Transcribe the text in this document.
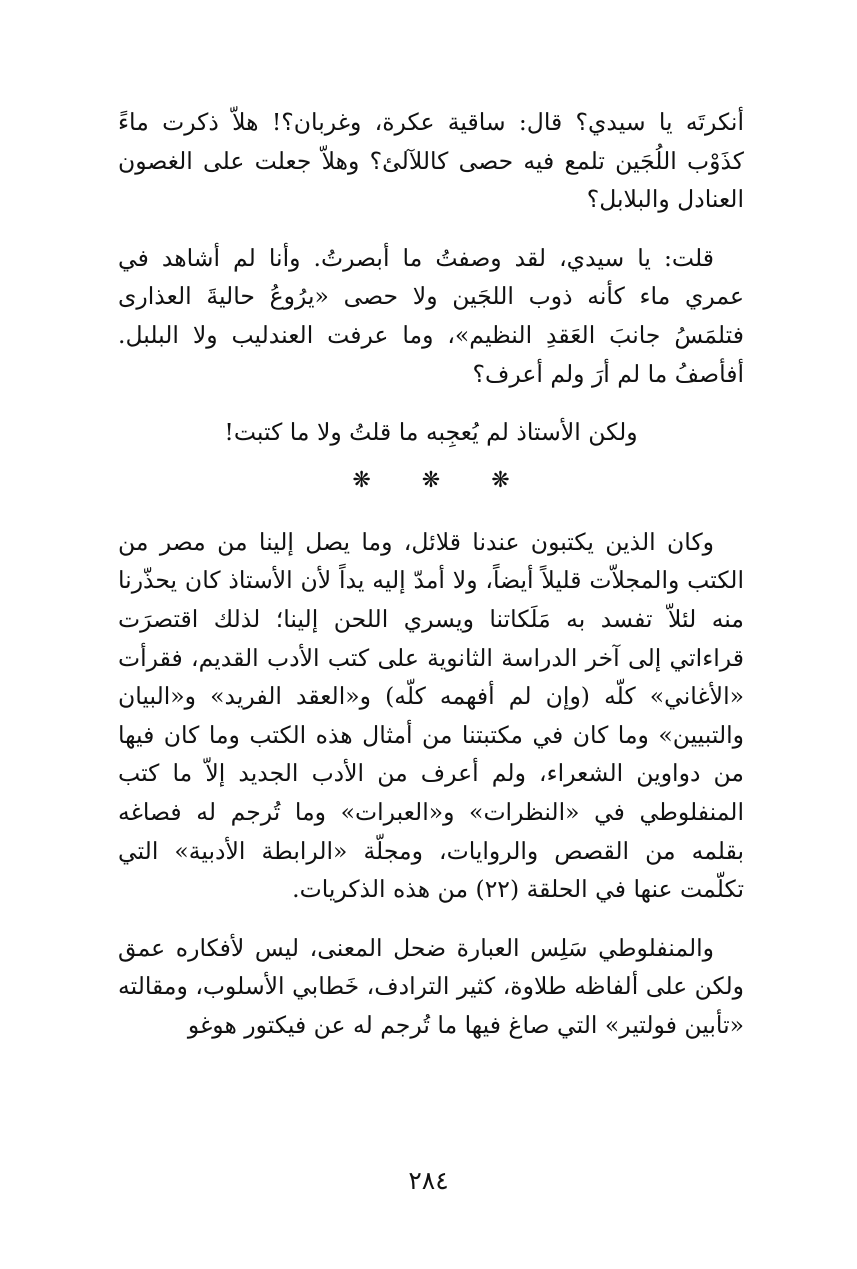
أنكرتَه يا سيدي؟ قال: ساقية عكرة، وغربان؟! هلاّ ذكرت ماءً كذَوْب اللُجَين تلمع فيه حصى كاللآلئ؟ وهلاّ جعلت على الغصون العنادل والبلابل؟

قلت: يا سيدي، لقد وصفتُ ما أبصرتُ. وأنا لم أشاهد في عمري ماء كأنه ذوب اللجَين ولا حصى «يرُوعُ حاليةَ العذارى فتلمَسُ جانبَ العَقدِ النظيم»، وما عرفت العندليب ولا البلبل. أفأصفُ ما لم أرَ ولم أعرف؟

ولكن الأستاذ لم يُعجِبه ما قلتُ ولا ما كتبت!

❋ ❋ ❋

وكان الذين يكتبون عندنا قلائل، وما يصل إلينا من مصر من الكتب والمجلاّت قليلاً أيضاً، ولا أمدّ إليه يداً لأن الأستاذ كان يحذّرنا منه لئلاّ تفسد به مَلَكاتنا ويسري اللحن إلينا؛ لذلك اقتصرَت قراءاتي إلى آخر الدراسة الثانوية على كتب الأدب القديم، فقرأت «الأغاني» كلّه (وإن لم أفهمه كلّه) و«العقد الفريد» و«البيان والتبيين» وما كان في مكتبتنا من أمثال هذه الكتب وما كان فيها من دواوين الشعراء، ولم أعرف من الأدب الجديد إلاّ ما كتب المنفلوطي في «النظرات» و«العبرات» وما تُرجم له فصاغه بقلمه من القصص والروايات، ومجلّة «الرابطة الأدبية» التي تكلّمت عنها في الحلقة (٢٢) من هذه الذكريات.

والمنفلوطي سَلِس العبارة ضحل المعنى، ليس لأفكاره عمق ولكن على ألفاظه طلاوة، كثير الترادف، خَطابي الأسلوب، ومقالته «تأبين فولتير» التي صاغ فيها ما تُرجم له عن فيكتور هوغو

٢٨٤
